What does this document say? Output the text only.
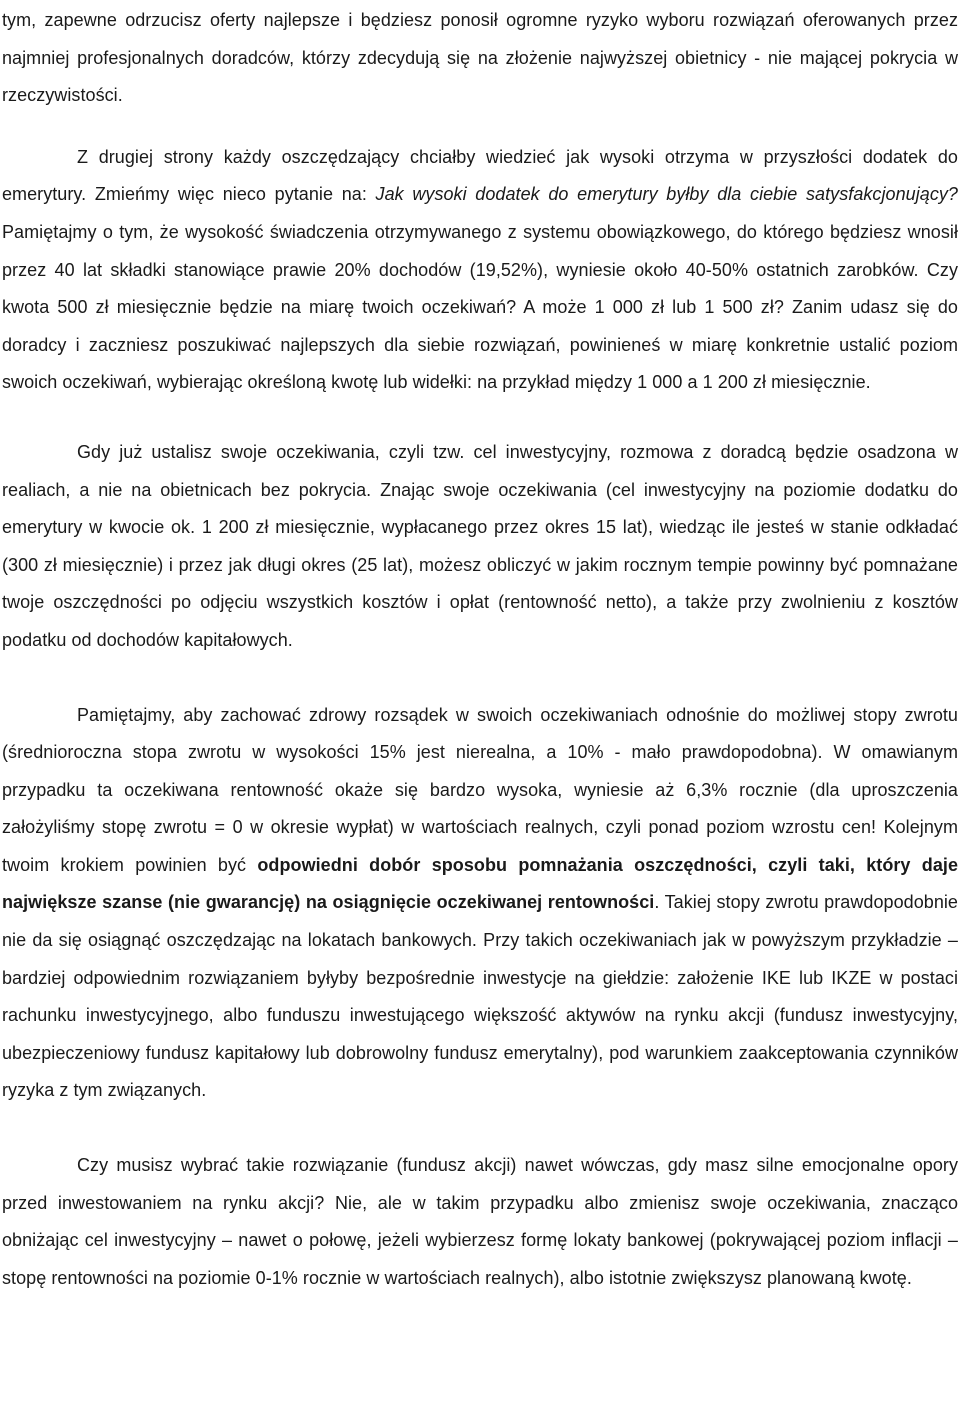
tym, zapewne odrzucisz oferty najlepsze i będziesz ponosił ogromne ryzyko wyboru rozwiązań oferowanych przez najmniej profesjonalnych doradców, którzy zdecydują się na złożenie najwyższej obietnicy - nie mającej pokrycia w rzeczywistości.

Z drugiej strony każdy oszczędzający chciałby wiedzieć jak wysoki otrzyma w przyszłości dodatek do emerytury. Zmieńmy więc nieco pytanie na: Jak wysoki dodatek do emerytury byłby dla ciebie satysfakcjonujący? Pamiętajmy o tym, że wysokość świadczenia otrzymywanego z systemu obowiązkowego, do którego będziesz wnosił przez 40 lat składki stanowiące prawie 20% dochodów (19,52%), wyniesie około 40-50% ostatnich zarobków. Czy kwota 500 zł miesięcznie będzie na miarę twoich oczekiwań? A może 1 000 zł lub 1 500 zł? Zanim udasz się do doradcy i zaczniesz poszukiwać najlepszych dla siebie rozwiązań, powinieneś w miarę konkretnie ustalić poziom swoich oczekiwań, wybierając określoną kwotę lub widełki: na przykład między 1 000 a 1 200 zł miesięcznie.

Gdy już ustalisz swoje oczekiwania, czyli tzw. cel inwestycyjny, rozmowa z doradcą będzie osadzona w realiach, a nie na obietnicach bez pokrycia. Znając swoje oczekiwania (cel inwestycyjny na poziomie dodatku do emerytury w kwocie ok. 1 200 zł miesięcznie, wypłacanego przez okres 15 lat), wiedząc ile jesteś w stanie odkładać (300 zł miesięcznie) i przez jak długi okres (25 lat), możesz obliczyć w jakim rocznym tempie powinny być pomnażane twoje oszczędności po odjęciu wszystkich kosztów i opłat (rentowność netto), a także przy zwolnieniu z kosztów podatku od dochodów kapitałowych.

Pamiętajmy, aby zachować zdrowy rozsądek w swoich oczekiwaniach odnośnie do możliwej stopy zwrotu (średnioroczna stopa zwrotu w wysokości 15% jest nierealna, a 10% - mało prawdopodobna). W omawianym przypadku ta oczekiwana rentowność okaże się bardzo wysoka, wyniesie aż 6,3% rocznie (dla uproszczenia założyliśmy stopę zwrotu = 0 w okresie wypłat) w wartościach realnych, czyli ponad poziom wzrostu cen! Kolejnym twoim krokiem powinien być odpowiedni dobór sposobu pomnażania oszczędności, czyli taki, który daje największe szanse (nie gwarancję) na osiągnięcie oczekiwanej rentowności. Takiej stopy zwrotu prawdopodobnie nie da się osiągnąć oszczędzając na lokatach bankowych. Przy takich oczekiwaniach jak w powyższym przykładzie – bardziej odpowiednim rozwiązaniem byłyby bezpośrednie inwestycje na giełdzie: założenie IKE lub IKZE w postaci rachunku inwestycyjnego, albo funduszu inwestującego większość aktywów na rynku akcji (fundusz inwestycyjny, ubezpieczeniowy fundusz kapitałowy lub dobrowolny fundusz emerytalny), pod warunkiem zaakceptowania czynników ryzyka z tym związanych.

Czy musisz wybrać takie rozwiązanie (fundusz akcji) nawet wówczas, gdy masz silne emocjonalne opory przed inwestowaniem na rynku akcji? Nie, ale w takim przypadku albo zmienisz swoje oczekiwania, znacząco obniżając cel inwestycyjny – nawet o połowę, jeżeli wybierzesz formę lokaty bankowej (pokrywającej poziom inflacji – stopę rentowności na poziomie 0-1% rocznie w wartościach realnych), albo istotnie zwiększysz planowaną kwotę.
